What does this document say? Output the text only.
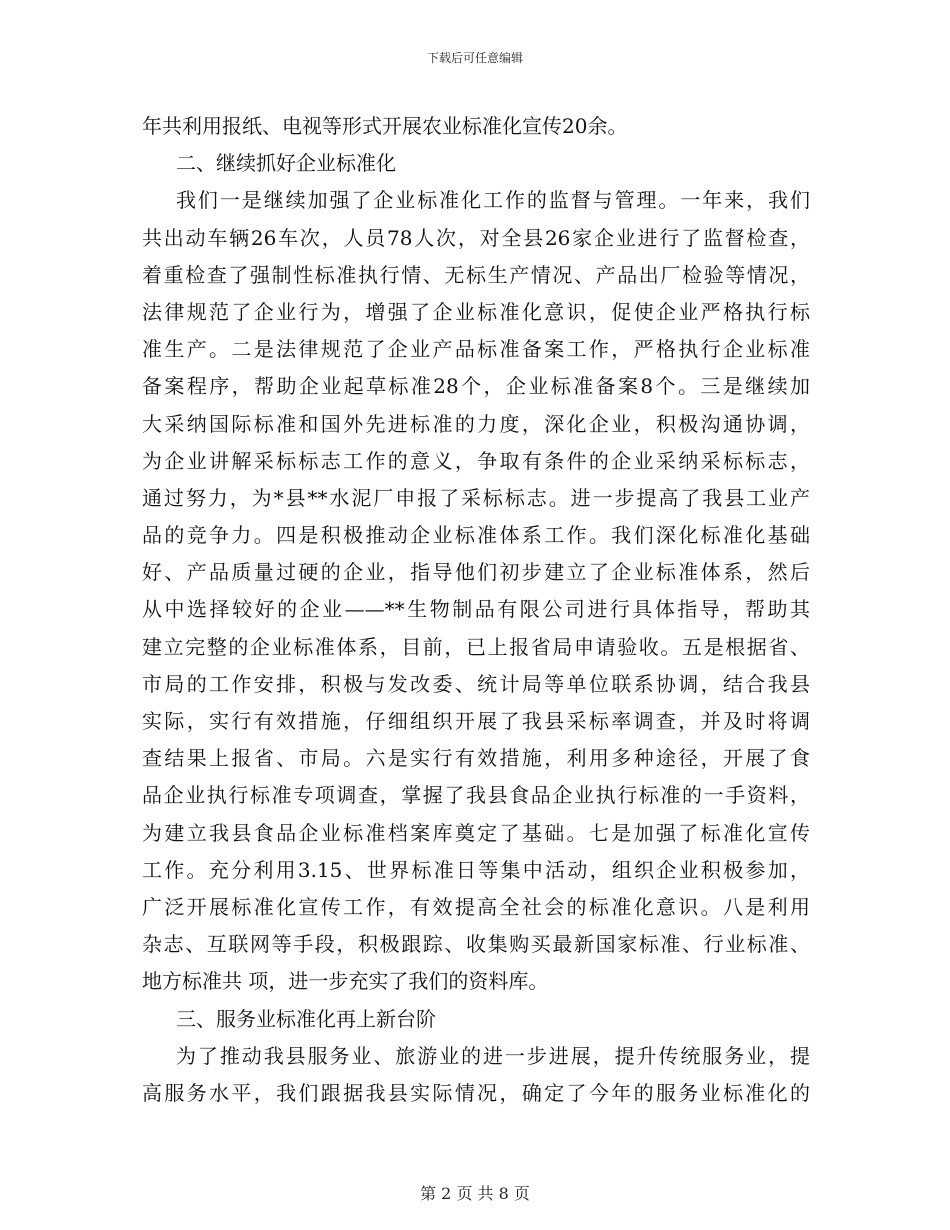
下载后可任意编辑
年共利用报纸、电视等形式开展农业标准化宣传20余。
二、继续抓好企业标准化
我们一是继续加强了企业标准化工作的监督与管理。一年来，我们
共出动车辆26车次，人员78人次，对全县26家企业进行了监督检查，
着重检查了强制性标准执行情、无标生产情况、产品出厂检验等情况，
法律规范了企业行为，增强了企业标准化意识，促使企业严格执行标
准生产。二是法律规范了企业产品标准备案工作，严格执行企业标准
备案程序，帮助企业起草标准28个，企业标准备案8个。三是继续加
大采纳国际标准和国外先进标准的力度，深化企业，积极沟通协调，
为企业讲解采标标志工作的意义，争取有条件的企业采纳采标标志，
通过努力，为*县**水泥厂申报了采标标志。进一步提高了我县工业产
品的竞争力。四是积极推动企业标准体系工作。我们深化标准化基础
好、产品质量过硬的企业，指导他们初步建立了企业标准体系，然后
从中选择较好的企业——**生物制品有限公司进行具体指导，帮助其
建立完整的企业标准体系，目前，已上报省局申请验收。五是根据省、
市局的工作安排，积极与发改委、统计局等单位联系协调，结合我县
实际，实行有效措施，仔细组织开展了我县采标率调查，并及时将调
查结果上报省、市局。六是实行有效措施，利用多种途径，开展了食
品企业执行标准专项调查，掌握了我县食品企业执行标准的一手资料，
为建立我县食品企业标准档案库奠定了基础。七是加强了标准化宣传
工作。充分利用3.15、世界标准日等集中活动，组织企业积极参加，
广泛开展标准化宣传工作，有效提高全社会的标准化意识。八是利用
杂志、互联网等手段，积极跟踪、收集购买最新国家标准、行业标准、
地方标准共 项，进一步充实了我们的资料库。
三、服务业标准化再上新台阶
为了推动我县服务业、旅游业的进一步进展，提升传统服务业，提
高服务水平，我们跟据我县实际情况，确定了今年的服务业标准化的
第 2 页 共 8 页
